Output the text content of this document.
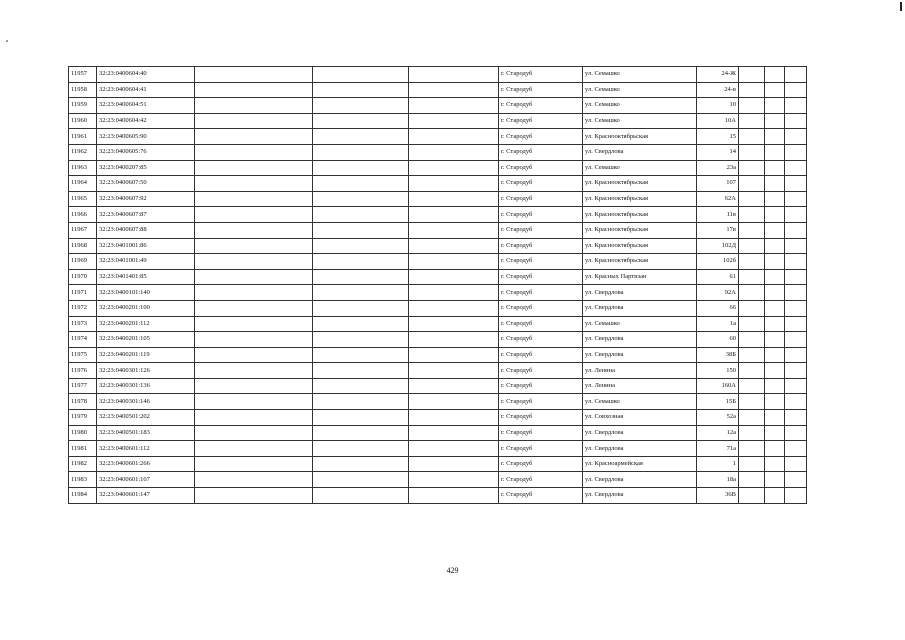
11957	32:23:0400604:40				г. Стародуб	ул. Семашко	24-Ж			
11958	32:23:0400604:41				г. Стародуб	ул. Семашко	24-в			
11959	32:23:0400604:51				г. Стародуб	ул. Семашко	10			
11960	32:23:0400604:42				г. Стародуб	ул. Семашко	10А			
11961	32:23:0400605:90				г. Стародуб	ул. Красноoктябрьская	15			
11962	32:23:0400605:76				г. Стародуб	ул. Свердлова	14			
11963	32:23:0400207:85				г. Стародуб	ул. Семашко	23а			
11964	32:23:0400607:50				г. Стародуб	ул. Красноoктябрьская	107			
11965	32:23:0400607:92				г. Стародуб	ул. Красноoктябрьская	62А			
11966	32:23:0400607:87				г. Стародуб	ул. Красноoктябрьская	11в			
11967	32:23:0400607:88				г. Стародуб	ул. Красноoктябрьская	17в			
11968	32:23:0401001:86				г. Стародуб	ул. Красноoктябрьская	102Д			
11969	32:23:0401001:49				г. Стародуб	ул. Красноoктябрьская	102б			
11970	32:23:0401401:85				г. Стародуб	ул. Красных Партизан	61			
11971	32:23:0400101:140				г. Стародуб	ул. Свердлова	92А			
11972	32:23:0400201:100				г. Стародуб	ул. Свердлова	66			
11973	32:23:0400201:112				г. Стародуб	ул. Семашко	1а			
11974	32:23:0400201:105				г. Стародуб	ул. Свердлова	60			
11975	32:23:0400201:119				г. Стародуб	ул. Свердлова	38Б			
11976	32:23:0400301:126				г. Стародуб	ул. Ленина	150			
11977	32:23:0400301:136				г. Стародуб	ул. Ленина	160А			
11978	32:23:0400301:146				г. Стародуб	ул. Семашко	15Б			
11979	32:23:0400501:202				г. Стародуб	ул. Совхозная	52а			
11980	32:23:0400501:183				г. Стародуб	ул. Свердлова	12а			
11981	32:23:0400601:112				г. Стародуб	ул. Свердлова	71а			
11982	32:23:0400601:266				г. Стародуб	ул. Красноармейская	1			
11983	32:23:0400601:107				г. Стародуб	ул. Свердлова	18а			
11984	32:23:0400601:147				г. Стародуб	ул. Свердлова	36В			
429
